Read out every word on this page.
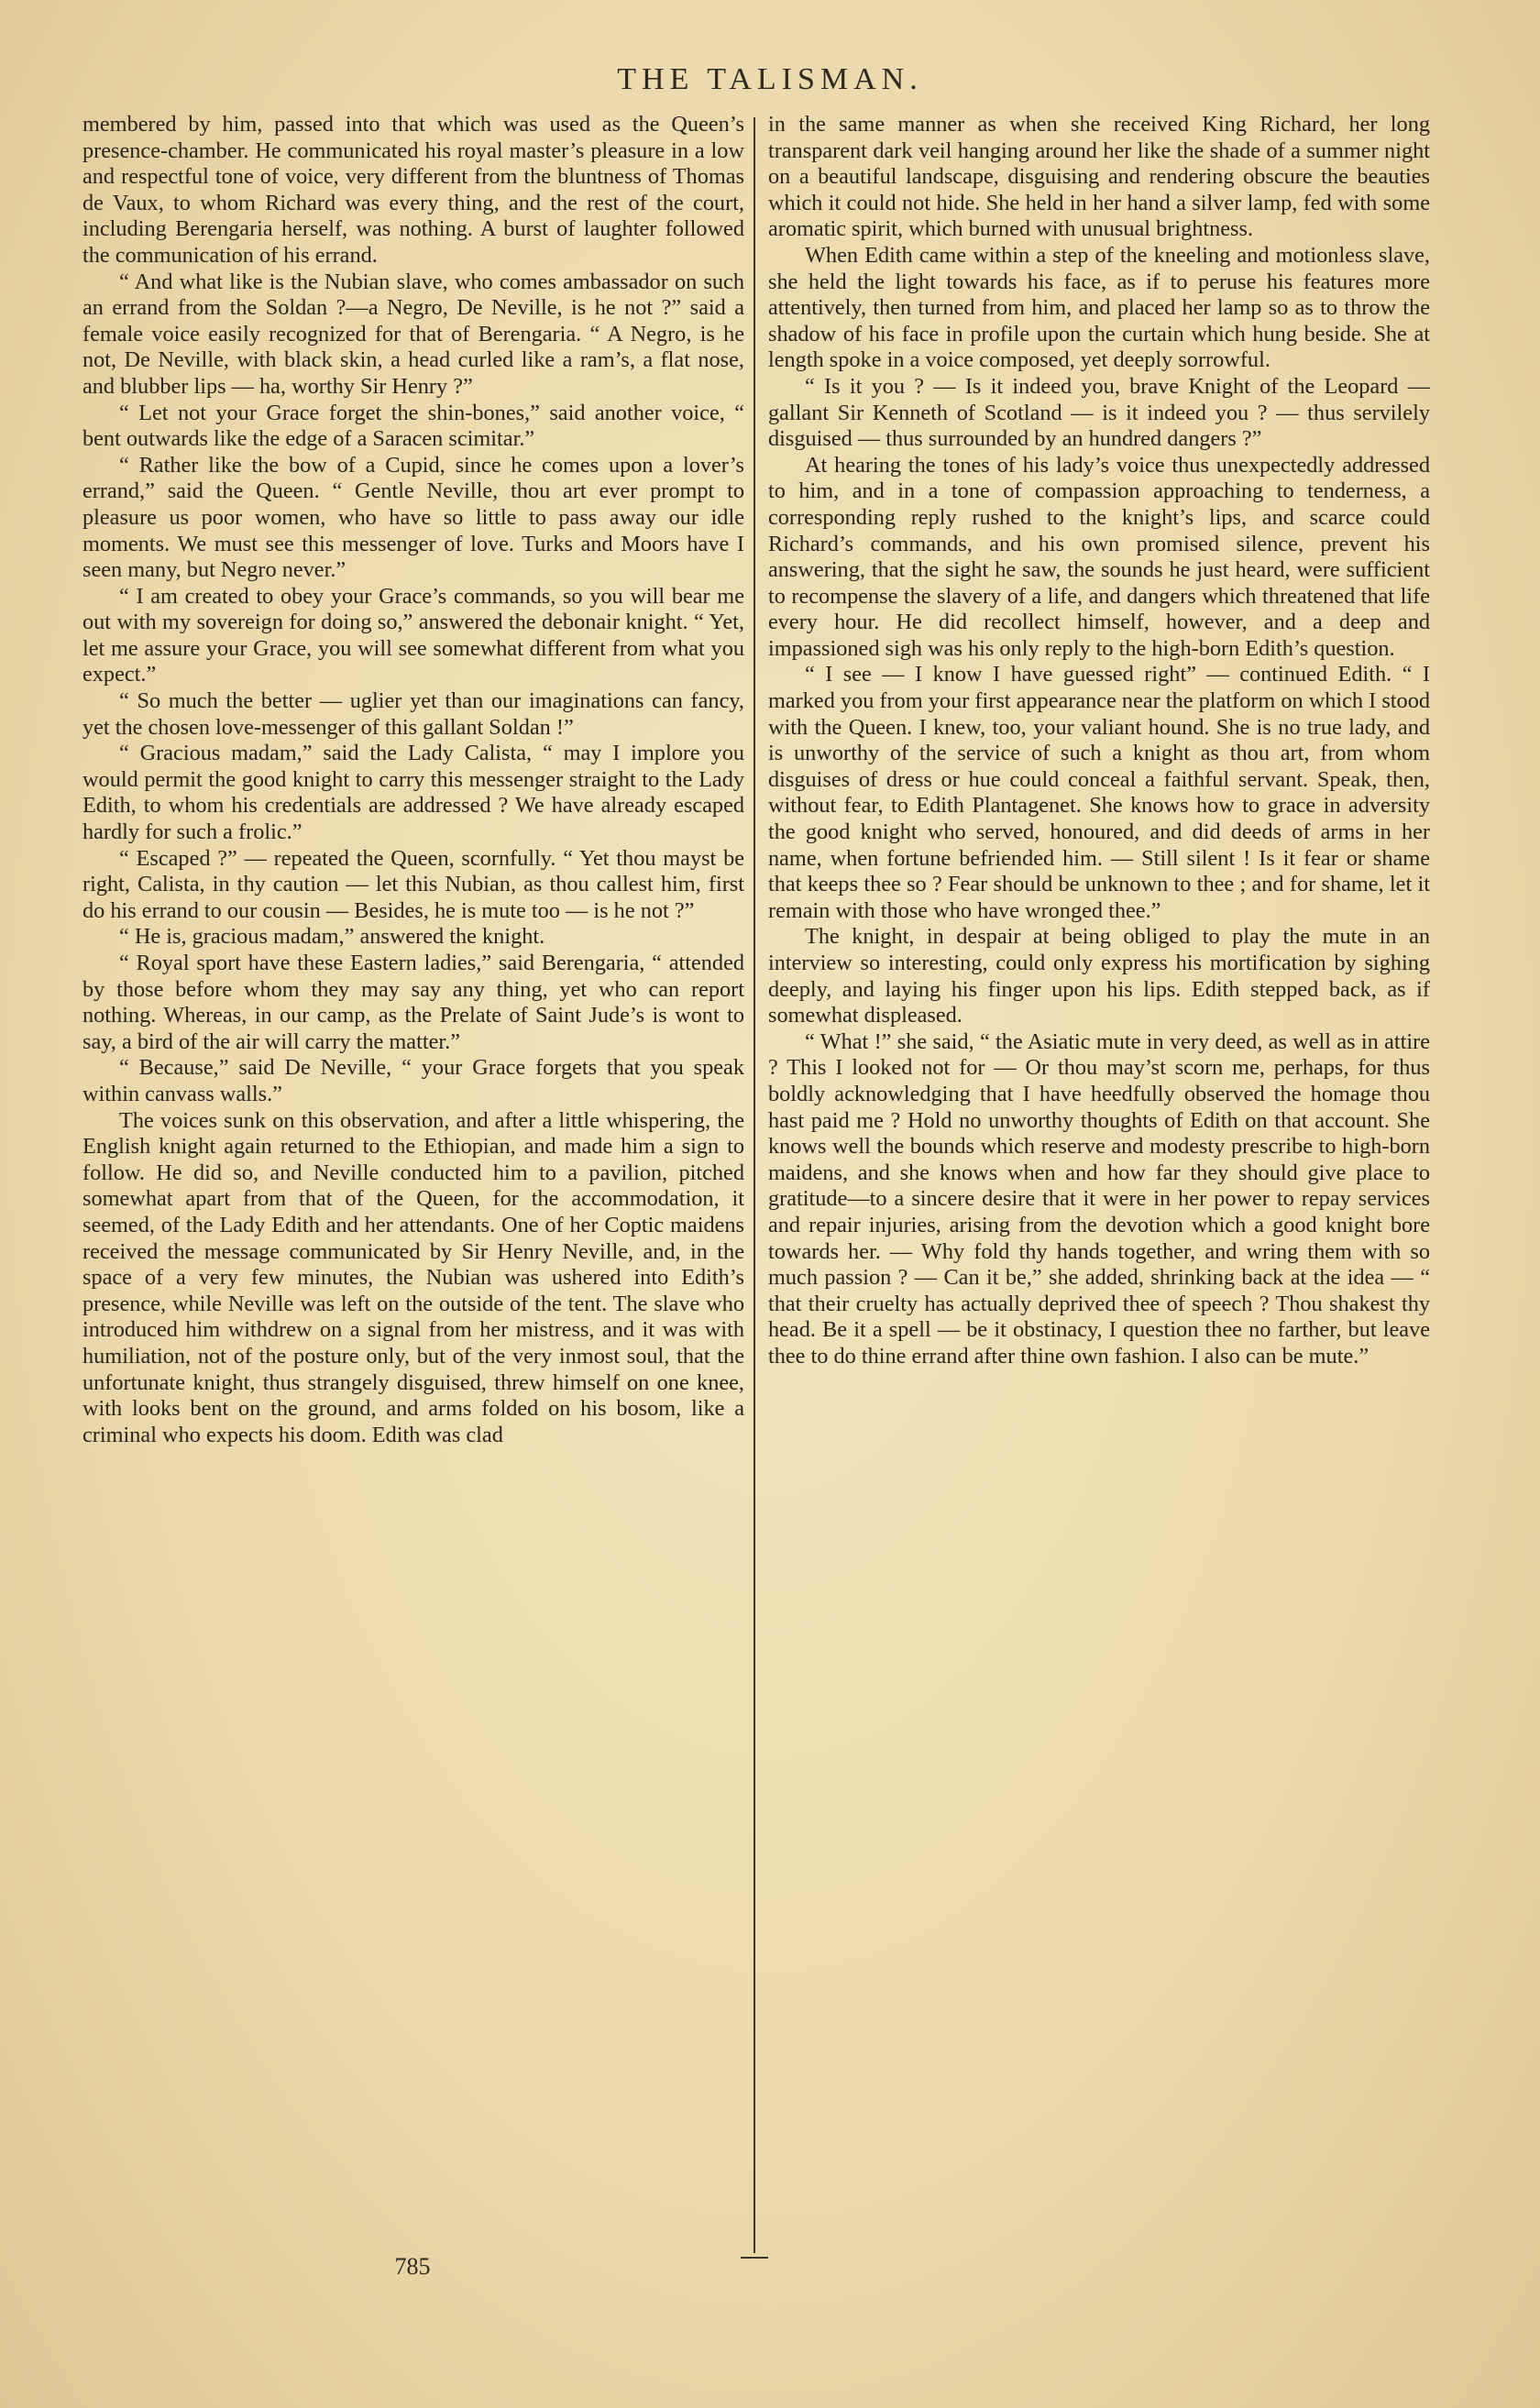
THE TALISMAN.

membered by him, passed into that which was used as the Queen’s presence-chamber. He communicated his royal master’s pleasure in a low and respectful tone of voice, very different from the bluntness of Thomas de Vaux, to whom Richard was every thing, and the rest of the court, including Berengaria herself, was nothing. A burst of laughter followed the communication of his errand.

“ And what like is the Nubian slave, who comes ambassador on such an errand from the Soldan ?—a Negro, De Neville, is he not ?” said a female voice easily recognized for that of Berengaria. “ A Negro, is he not, De Neville, with black skin, a head curled like a ram’s, a flat nose, and blubber lips — ha, worthy Sir Henry ?”

“ Let not your Grace forget the shin-bones,” said another voice, “ bent outwards like the edge of a Saracen scimitar.”

“ Rather like the bow of a Cupid, since he comes upon a lover’s errand,” said the Queen. “ Gentle Neville, thou art ever prompt to pleasure us poor women, who have so little to pass away our idle moments. We must see this messenger of love. Turks and Moors have I seen many, but Negro never.”

“ I am created to obey your Grace’s commands, so you will bear me out with my sovereign for doing so,” answered the debonair knight. “ Yet, let me assure your Grace, you will see somewhat different from what you expect.”

“ So much the better — uglier yet than our imaginations can fancy, yet the chosen love-messenger of this gallant Soldan !”

“ Gracious madam,” said the Lady Calista, “ may I implore you would permit the good knight to carry this messenger straight to the Lady Edith, to whom his credentials are addressed ? We have already escaped hardly for such a frolic.”

“ Escaped ?” — repeated the Queen, scornfully. “ Yet thou mayst be right, Calista, in thy caution — let this Nubian, as thou callest him, first do his errand to our cousin — Besides, he is mute too — is he not ?”

“ He is, gracious madam,” answered the knight.

“ Royal sport have these Eastern ladies,” said Berengaria, “ attended by those before whom they may say any thing, yet who can report nothing. Whereas, in our camp, as the Prelate of Saint Jude’s is wont to say, a bird of the air will carry the matter.”

“ Because,” said De Neville, “ your Grace forgets that you speak within canvass walls.”

The voices sunk on this observation, and after a little whispering, the English knight again returned to the Ethiopian, and made him a sign to follow. He did so, and Neville conducted him to a pavilion, pitched somewhat apart from that of the Queen, for the accommodation, it seemed, of the Lady Edith and her attendants. One of her Coptic maidens received the message communicated by Sir Henry Neville, and, in the space of a very few minutes, the Nubian was ushered into Edith’s presence, while Neville was left on the outside of the tent. The slave who introduced him withdrew on a signal from her mistress, and it was with humiliation, not of the posture only, but of the very inmost soul, that the unfortunate knight, thus strangely disguised, threw himself on one knee, with looks bent on the ground, and arms folded on his bosom, like a criminal who expects his doom. Edith was clad

in the same manner as when she received King Richard, her long transparent dark veil hanging around her like the shade of a summer night on a beautiful landscape, disguising and rendering obscure the beauties which it could not hide. She held in her hand a silver lamp, fed with some aromatic spirit, which burned with unusual brightness.

When Edith came within a step of the kneeling and motionless slave, she held the light towards his face, as if to peruse his features more attentively, then turned from him, and placed her lamp so as to throw the shadow of his face in profile upon the curtain which hung beside. She at length spoke in a voice composed, yet deeply sorrowful.

“ Is it you ? — Is it indeed you, brave Knight of the Leopard — gallant Sir Kenneth of Scotland — is it indeed you ? — thus servilely disguised — thus surrounded by an hundred dangers ?”

At hearing the tones of his lady’s voice thus unexpectedly addressed to him, and in a tone of compassion approaching to tenderness, a corresponding reply rushed to the knight’s lips, and scarce could Richard’s commands, and his own promised silence, prevent his answering, that the sight he saw, the sounds he just heard, were sufficient to recompense the slavery of a life, and dangers which threatened that life every hour. He did recollect himself, however, and a deep and impassioned sigh was his only reply to the high-born Edith’s question.

“ I see — I know I have guessed right” — continued Edith. “ I marked you from your first appearance near the platform on which I stood with the Queen. I knew, too, your valiant hound. She is no true lady, and is unworthy of the service of such a knight as thou art, from whom disguises of dress or hue could conceal a faithful servant. Speak, then, without fear, to Edith Plantagenet. She knows how to grace in adversity the good knight who served, honoured, and did deeds of arms in her name, when fortune befriended him. — Still silent ! Is it fear or shame that keeps thee so ? Fear should be unknown to thee ; and for shame, let it remain with those who have wronged thee.”

The knight, in despair at being obliged to play the mute in an interview so interesting, could only express his mortification by sighing deeply, and laying his finger upon his lips. Edith stepped back, as if somewhat displeased.

“ What !” she said, “ the Asiatic mute in very deed, as well as in attire ? This I looked not for — Or thou may’st scorn me, perhaps, for thus boldly acknowledging that I have heedfully observed the homage thou hast paid me ? Hold no unworthy thoughts of Edith on that account. She knows well the bounds which reserve and modesty prescribe to high-born maidens, and she knows when and how far they should give place to gratitude—to a sincere desire that it were in her power to repay services and repair injuries, arising from the devotion which a good knight bore towards her. — Why fold thy hands together, and wring them with so much passion ? — Can it be,” she added, shrinking back at the idea — “ that their cruelty has actually deprived thee of speech ? Thou shakest thy head. Be it a spell — be it obstinacy, I question thee no farther, but leave thee to do thine errand after thine own fashion. I also can be mute.”

785
